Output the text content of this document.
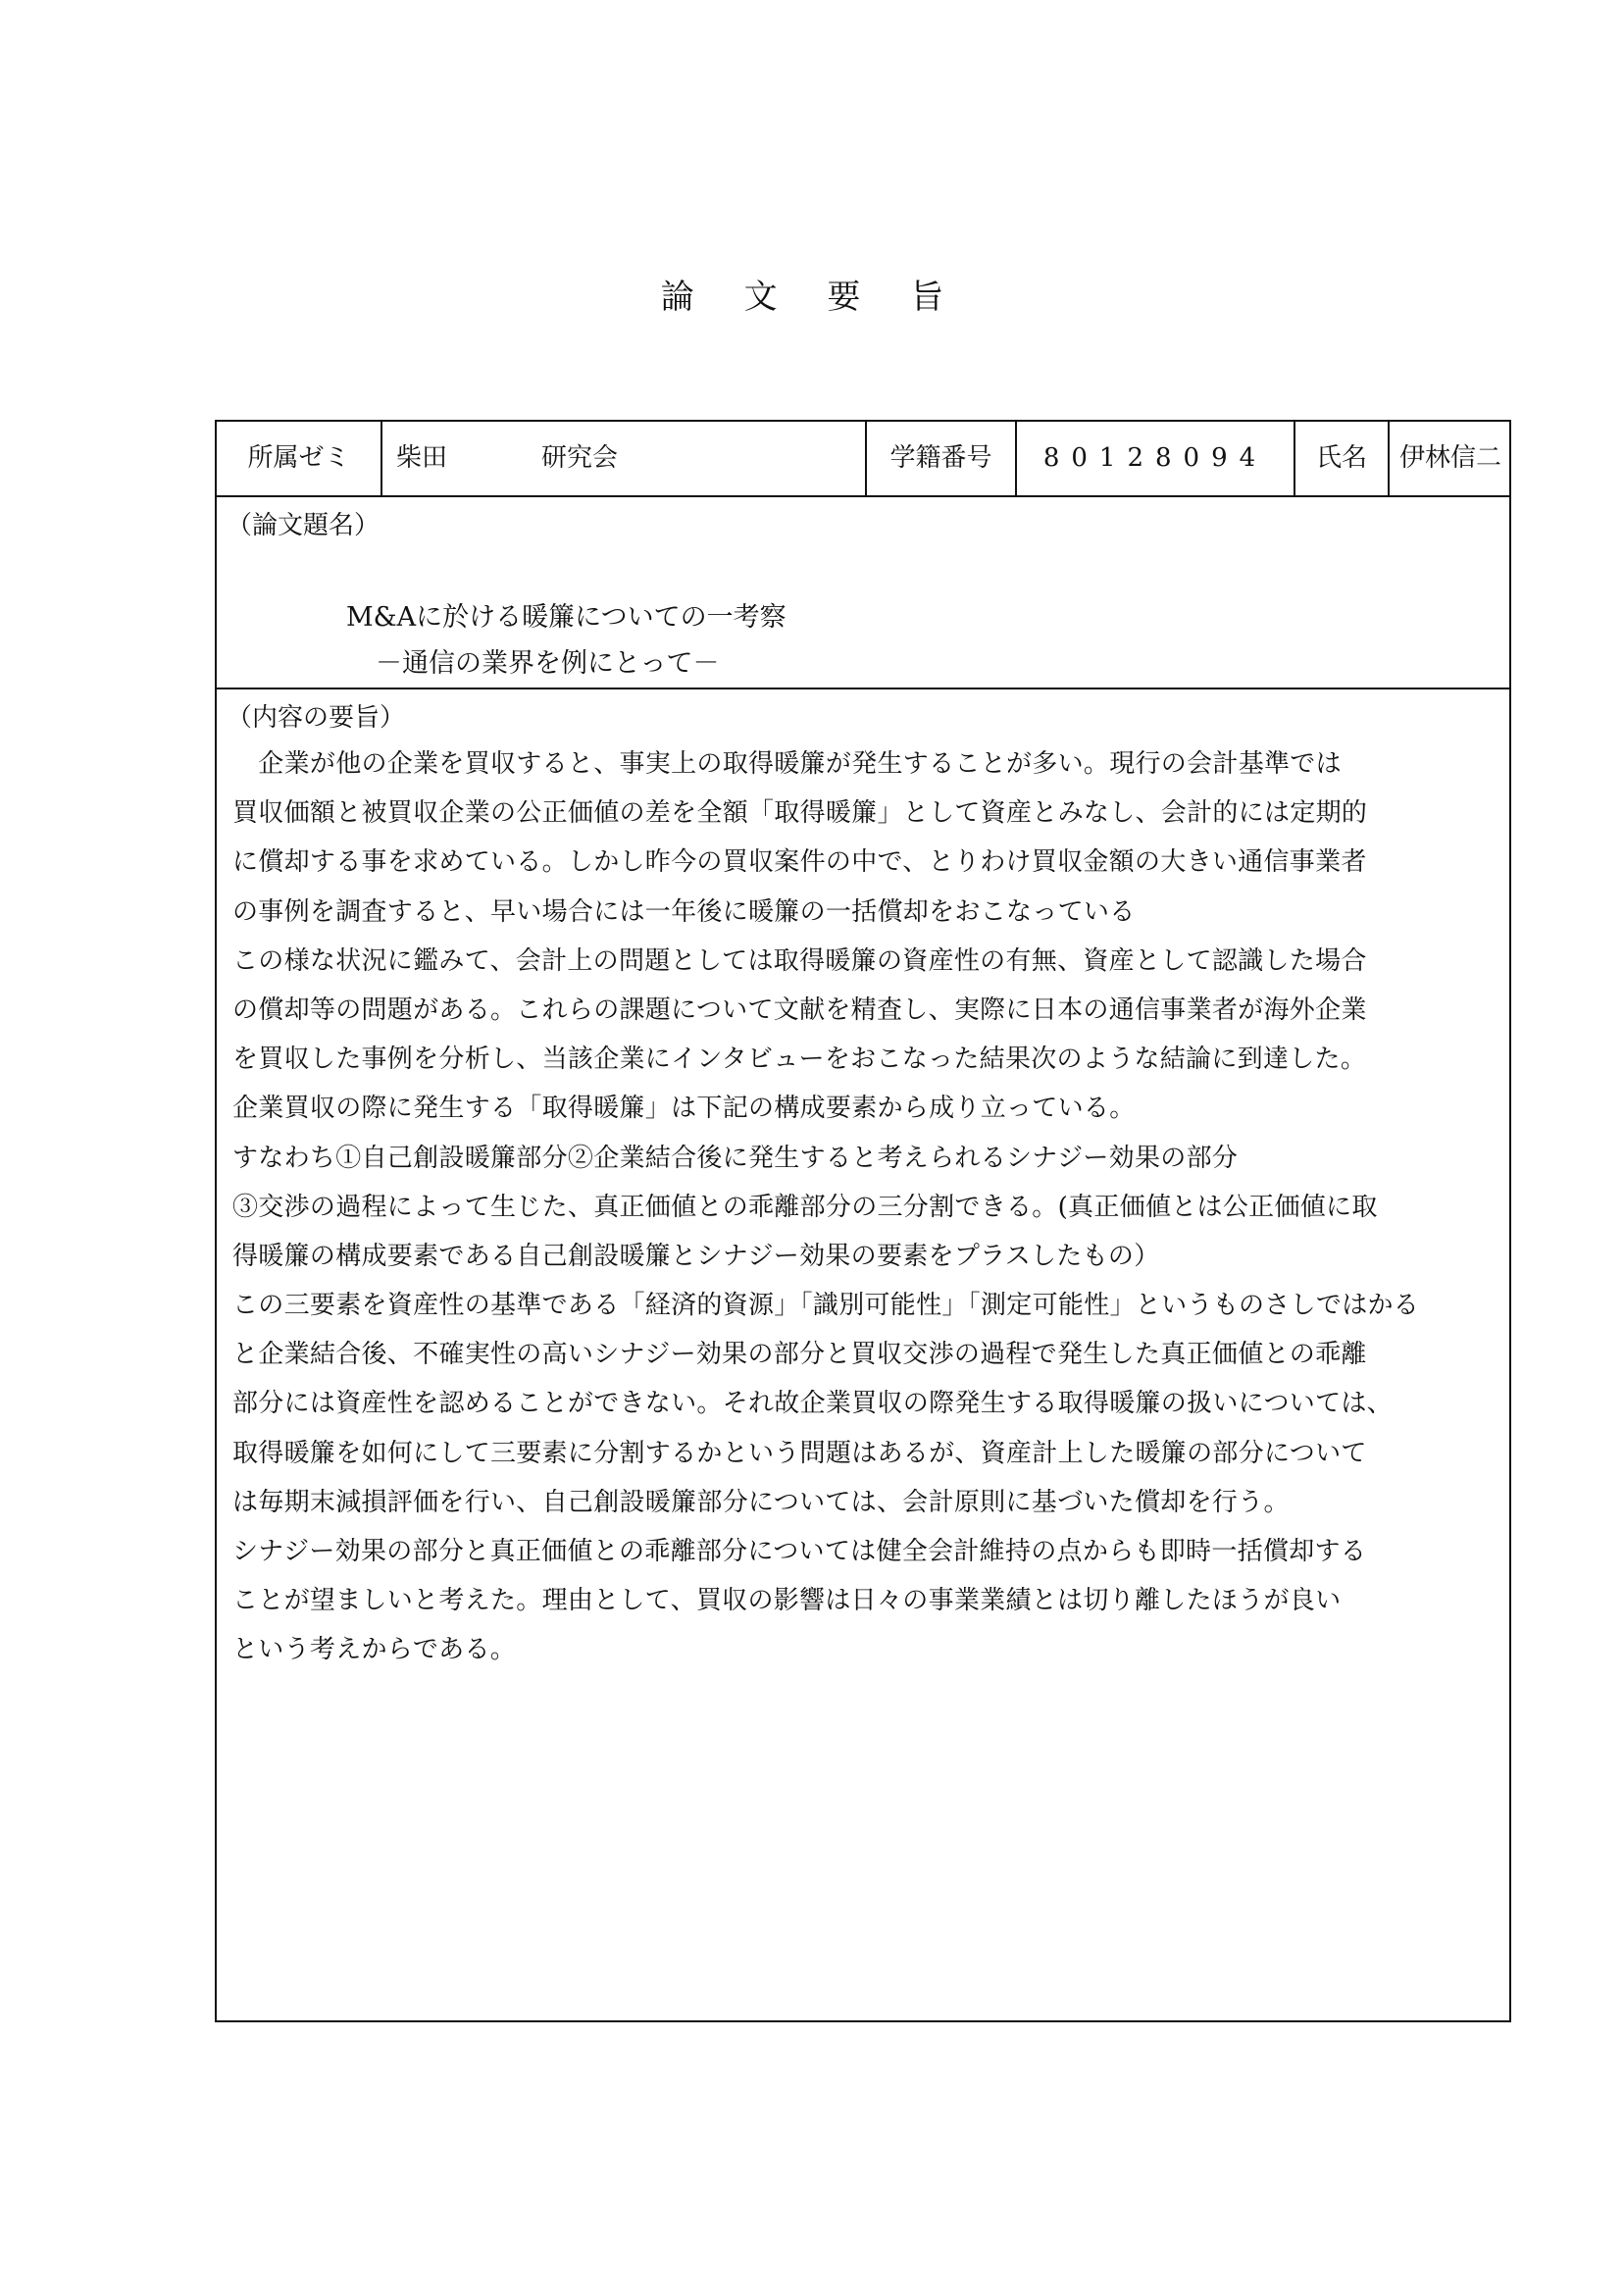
論 文 要 旨
所属ゼミ	柴田	研究会	学籍番号	80128094	氏名	伊林信二
（論文題名）
M&Aに於ける暖簾についての一考察
－通信の業界を例にとって－
（内容の要旨）
　企業が他の企業を買収すると、事実上の取得暖簾が発生することが多い。現行の会計基準では
買収価額と被買収企業の公正価値の差を全額「取得暖簾」として資産とみなし、会計的には定期的
に償却する事を求めている。しかし昨今の買収案件の中で、とりわけ買収金額の大きい通信事業者
の事例を調査すると、早い場合には一年後に暖簾の一括償却をおこなっている
この様な状況に鑑みて、会計上の問題としては取得暖簾の資産性の有無、資産として認識した場合
の償却等の問題がある。これらの課題について文献を精査し、実際に日本の通信事業者が海外企業
を買収した事例を分析し、当該企業にインタビューをおこなった結果次のような結論に到達した。
企業買収の際に発生する「取得暖簾」は下記の構成要素から成り立っている。
すなわち①自己創設暖簾部分②企業結合後に発生すると考えられるシナジー効果の部分
③交渉の過程によって生じた、真正価値との乖離部分の三分割できる。(真正価値とは公正価値に取
得暖簾の構成要素である自己創設暖簾とシナジー効果の要素をプラスしたもの）
この三要素を資産性の基準である「経済的資源」「識別可能性」「測定可能性」というものさしではかる
と企業結合後、不確実性の高いシナジー効果の部分と買収交渉の過程で発生した真正価値との乖離
部分には資産性を認めることができない。それ故企業買収の際発生する取得暖簾の扱いについては、
取得暖簾を如何にして三要素に分割するかという問題はあるが、資産計上した暖簾の部分について
は毎期末減損評価を行い、自己創設暖簾部分については、会計原則に基づいた償却を行う。
シナジー効果の部分と真正価値との乖離部分については健全会計維持の点からも即時一括償却する
ことが望ましいと考えた。理由として、買収の影響は日々の事業業績とは切り離したほうが良い
という考えからである。
